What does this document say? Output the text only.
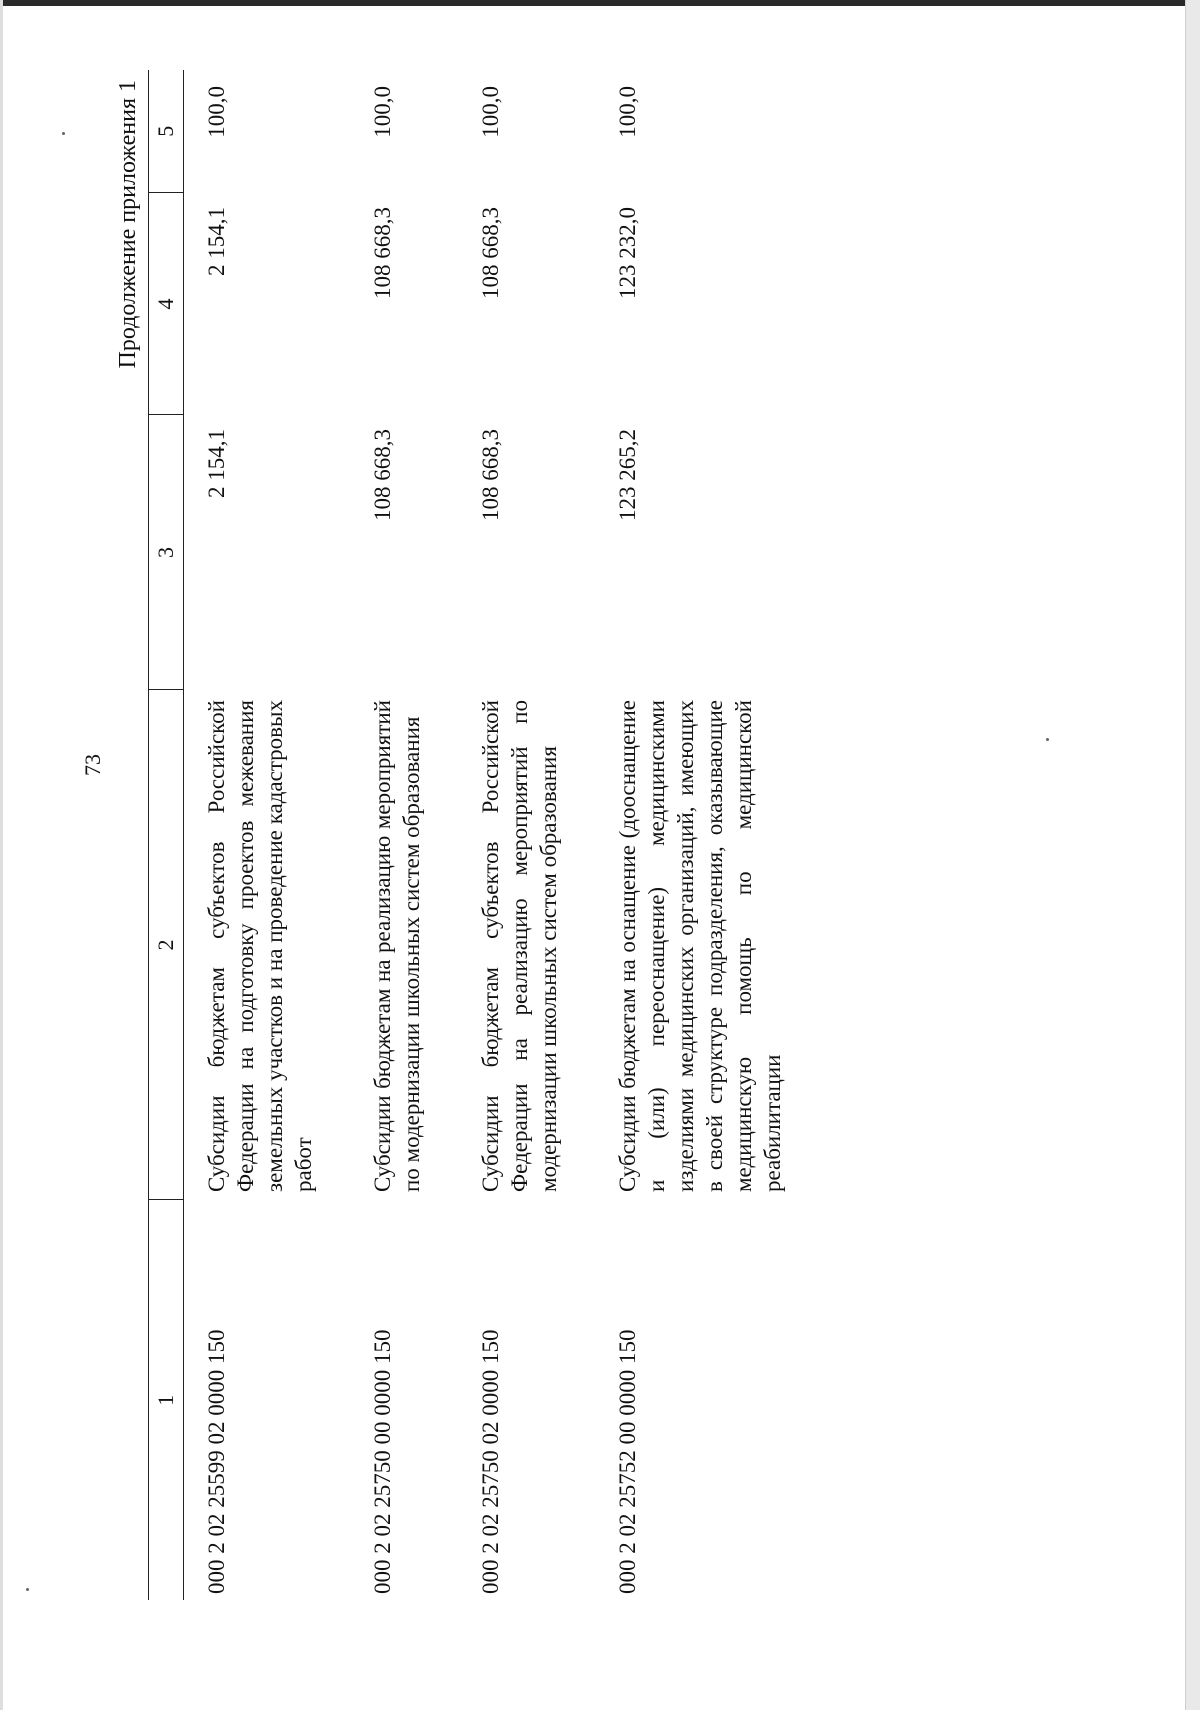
73
Продолжение приложения 1
1	2	3	4	5
000 2 02 25599 02 0000 150	Субсидии бюджетам субъектов Российской Федерации на подготовку проектов межевания земельных участков и на проведение кадастровых работ	2 154,1	2 154,1	100,0
000 2 02 25750 00 0000 150	Субсидии бюджетам на реализацию мероприятий по модернизации школьных систем образования	108 668,3	108 668,3	100,0
000 2 02 25750 02 0000 150	Субсидии бюджетам субъектов Российской Федерации на реализацию мероприятий по модернизации школьных систем образования	108 668,3	108 668,3	100,0
000 2 02 25752 00 0000 150	Субсидии бюджетам на оснащение (дооснащение и (или) переоснащение) медицинскими изделиями медицинских организаций, имеющих в своей структуре подразделения, оказывающие медицинскую помощь по медицинской реабилитации	123 265,2	123 232,0	100,0
